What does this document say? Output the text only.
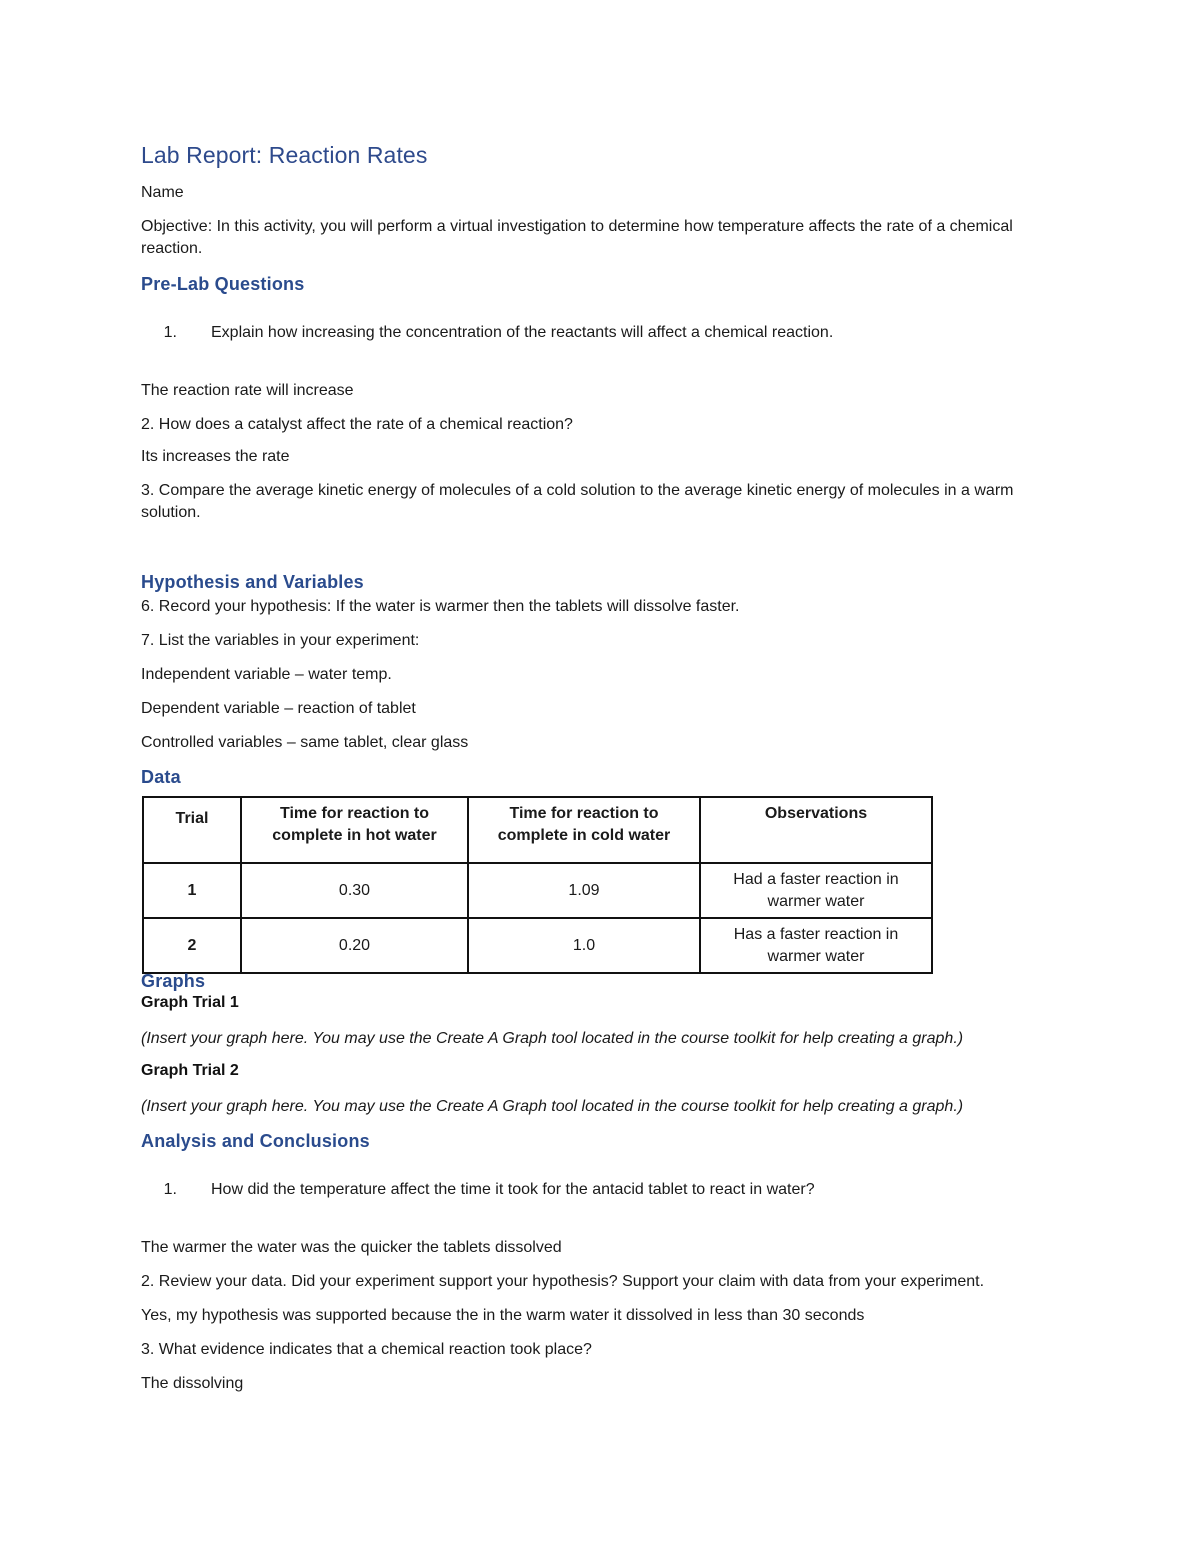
Lab Report: Reaction Rates

Name

Objective: In this activity, you will perform a virtual investigation to determine how temperature affects the rate of a chemical reaction.

Pre-Lab Questions

1. Explain how increasing the concentration of the reactants will affect a chemical reaction.

The reaction rate will increase

2. How does a catalyst affect the rate of a chemical reaction?

Its increases the rate

3. Compare the average kinetic energy of molecules of a cold solution to the average kinetic energy of molecules in a warm solution.

Hypothesis and Variables

6. Record your hypothesis: If the water is warmer then the tablets will dissolve faster.

7. List the variables in your experiment:

Independent variable – water temp.

Dependent variable – reaction of tablet

Controlled variables – same tablet, clear glass

Data
Trial	Time for reaction to complete in hot water	Time for reaction to complete in cold water	Observations
1	0.30	1.09	Had a faster reaction in warmer water
2	0.20	1.0	Has a faster reaction in warmer water
Graphs

Graph Trial 1

(Insert your graph here. You may use the Create A Graph tool located in the course toolkit for help creating a graph.)

Graph Trial 2

(Insert your graph here. You may use the Create A Graph tool located in the course toolkit for help creating a graph.)

Analysis and Conclusions

1. How did the temperature affect the time it took for the antacid tablet to react in water?

The warmer the water was the quicker the tablets dissolved

2. Review your data. Did your experiment support your hypothesis? Support your claim with data from your experiment.

Yes, my hypothesis was supported because the in the warm water it dissolved in less than 30 seconds

3. What evidence indicates that a chemical reaction took place?

The dissolving
